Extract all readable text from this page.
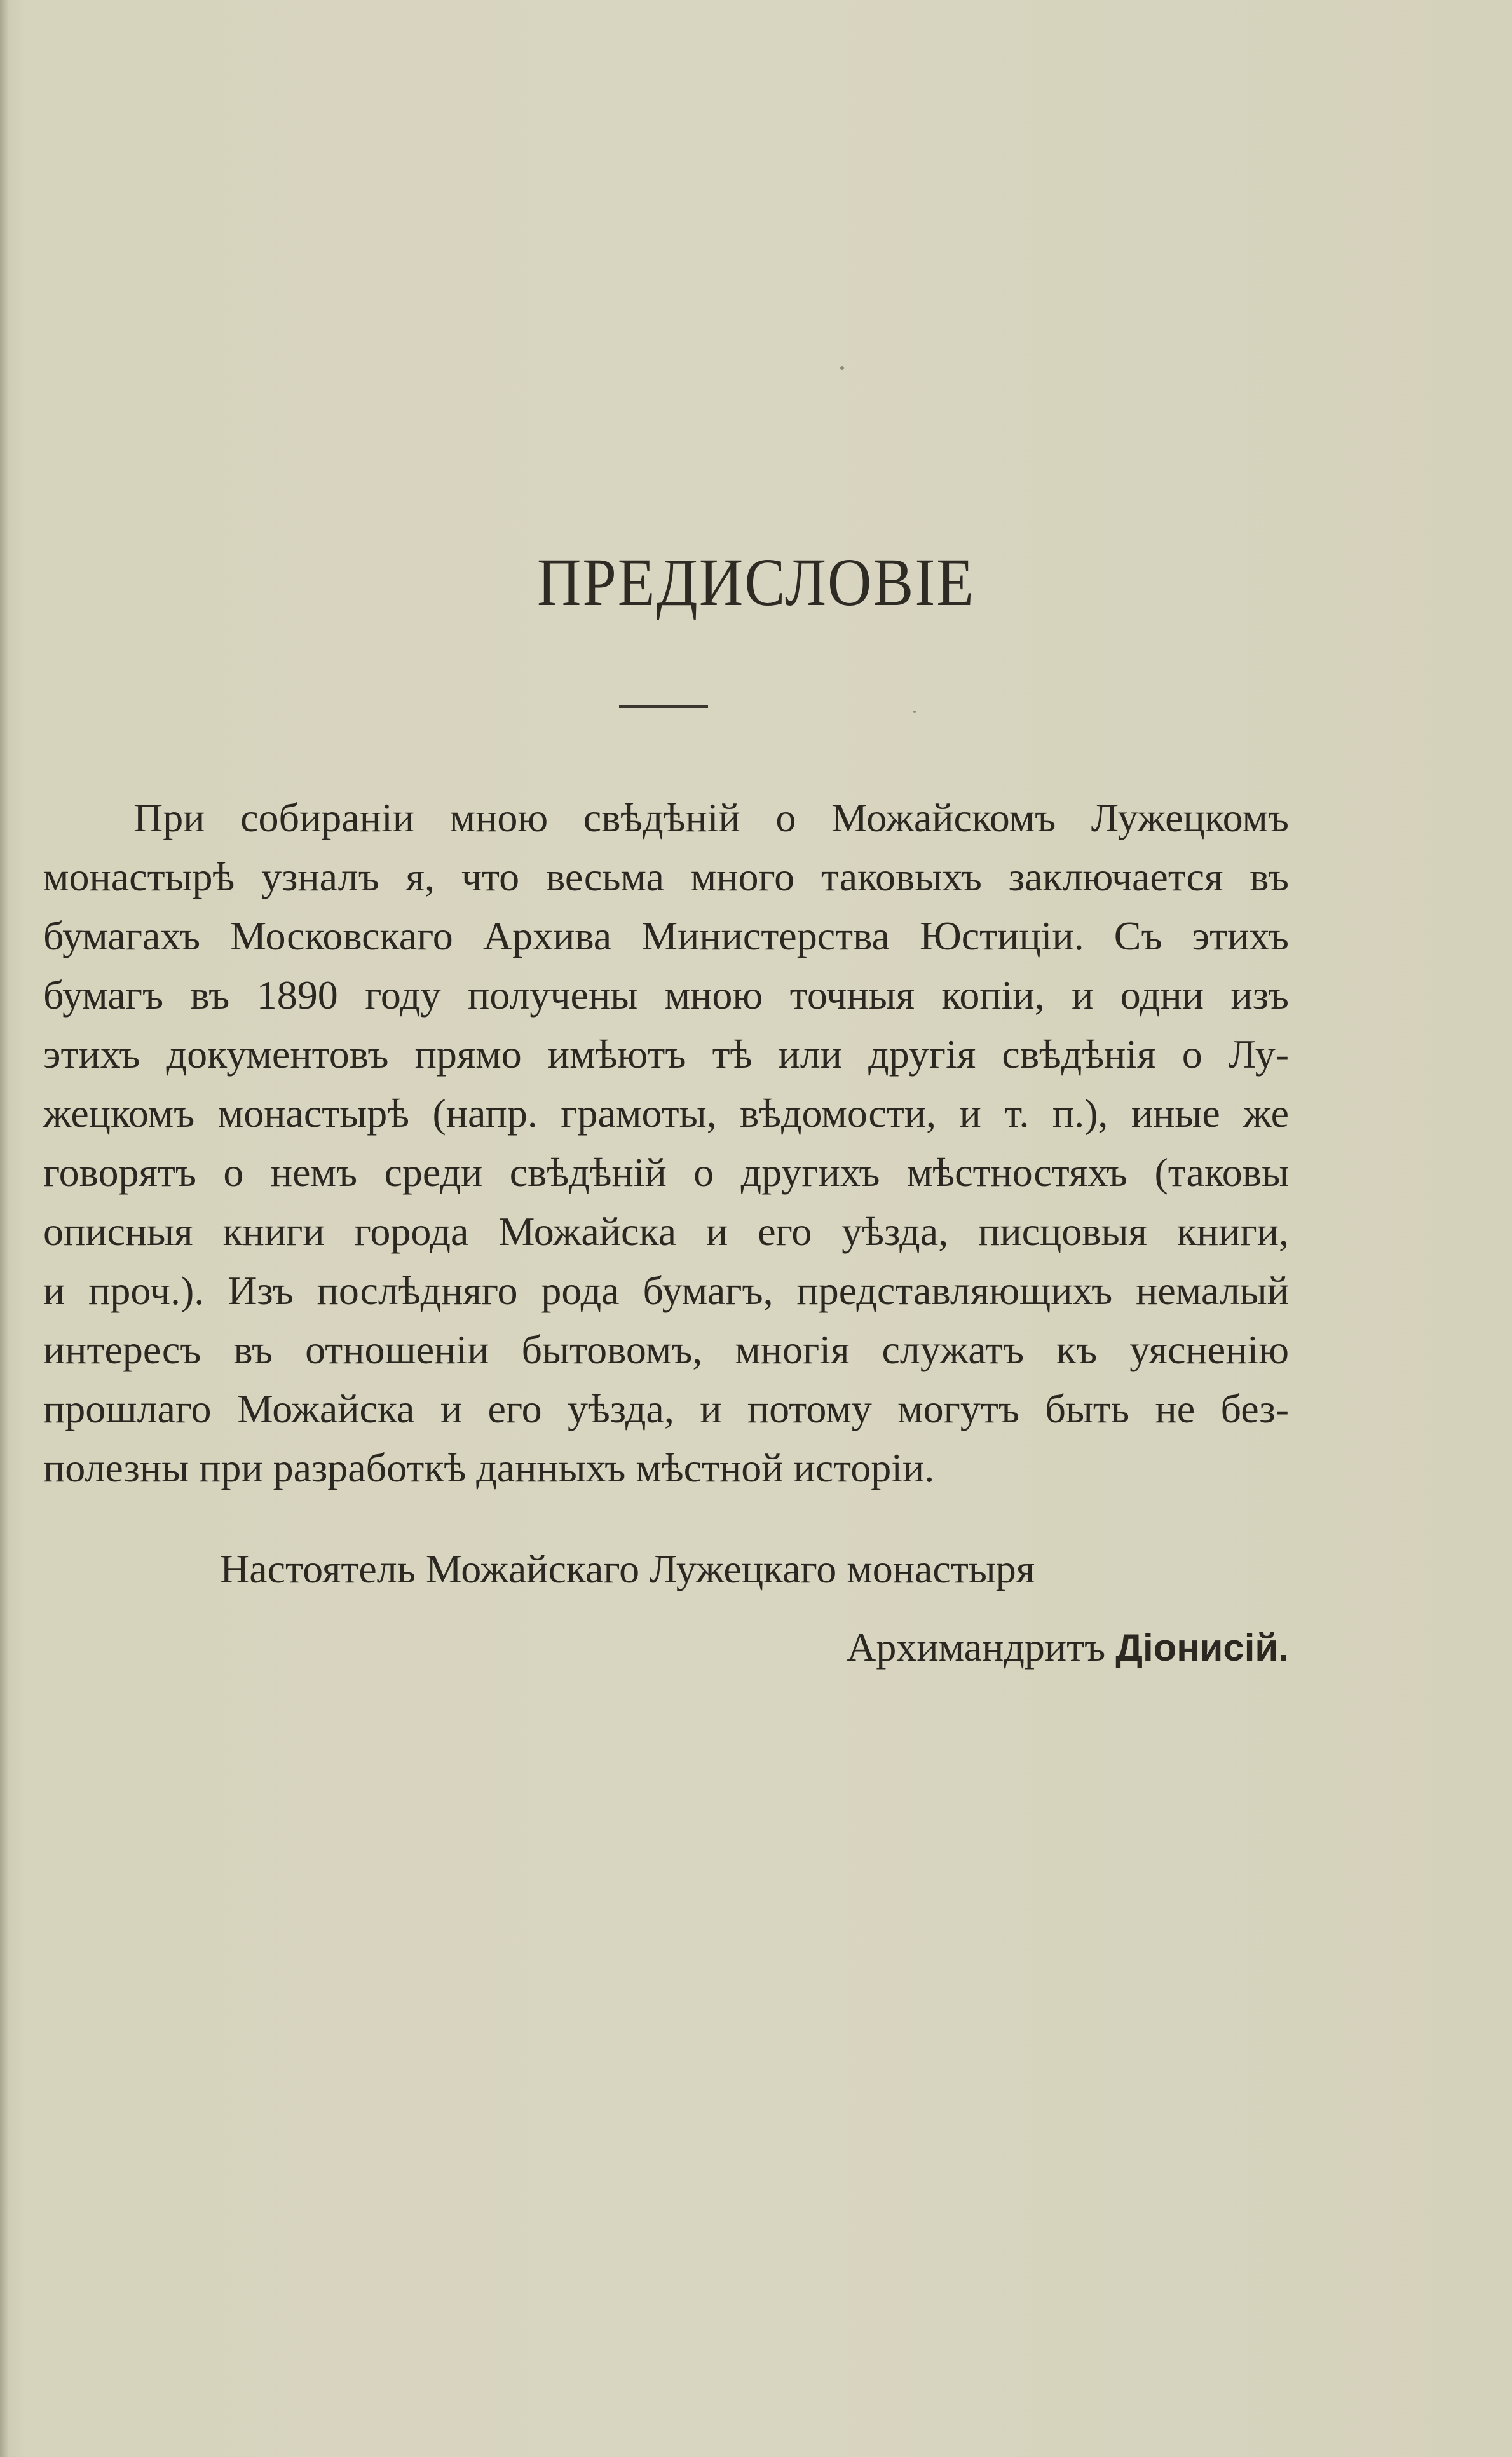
ПРЕДИСЛОВІЕ
При собираніи мною свѣдѣній о Можайскомъ Лужецкомъ
монастырѣ узналъ я, что весьма много таковыхъ заключается въ
бумагахъ Московскаго Архива Министерства Юстиціи. Съ этихъ
бумагъ въ 1890 году получены мною точныя копіи, и одни изъ
этихъ документовъ прямо имѣютъ тѣ или другія свѣдѣнія о Лу-
жецкомъ монастырѣ (напр. грамоты, вѣдомости, и т. п.), иные же
говорятъ о немъ среди свѣдѣній о другихъ мѣстностяхъ (таковы
описныя книги города Можайска и его уѣзда, писцовыя книги,
и проч.). Изъ послѣдняго рода бумагъ, представляющихъ немалый
интересъ въ отношеніи бытовомъ, многія служатъ къ уясненію
прошлаго Можайска и его уѣзда, и потому могутъ быть не без-
полезны при разработкѣ данныхъ мѣстной исторіи.
Настоятель Можайскаго Лужецкаго монастыря
Архимандритъ Діонисій.
